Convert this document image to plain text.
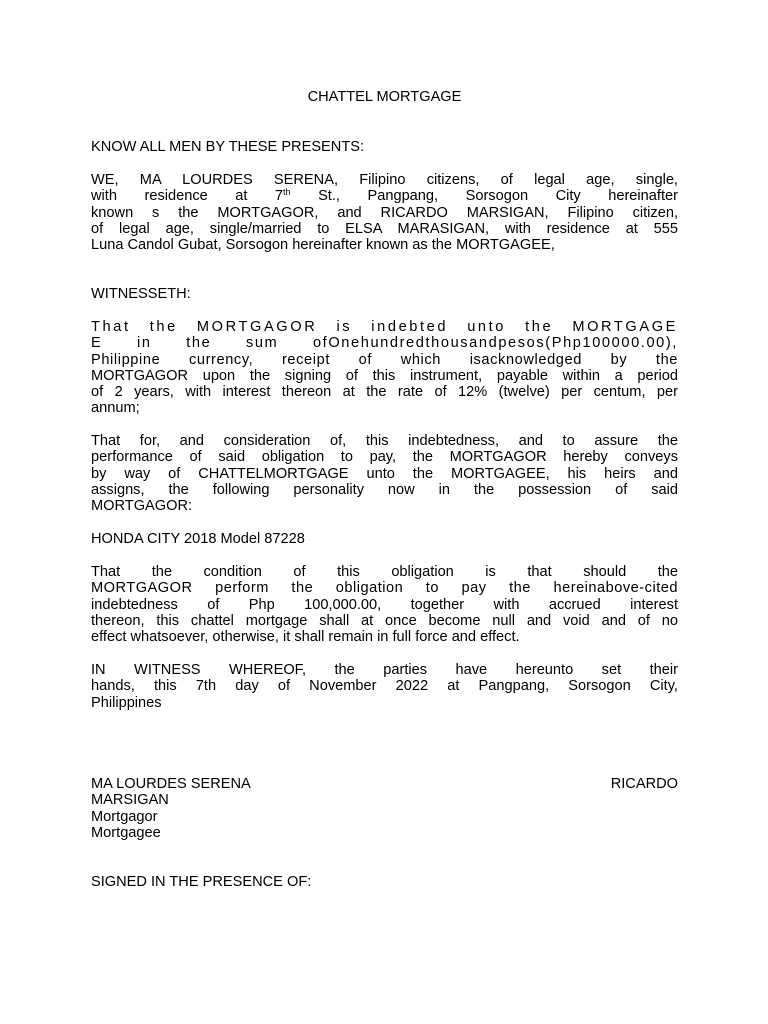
CHATTEL MORTGAGE
KNOW ALL MEN BY THESE PRESENTS:
WE, MA LOURDES SERENA, Filipino citizens, of legal age, single,
with residence at 7th St., Pangpang, Sorsogon City hereinafter
known s the MORTGAGOR, and RICARDO MARSIGAN, Filipino citizen,
of legal age, single/married to ELSA MARASIGAN, with residence at 555
Luna Candol Gubat, Sorsogon hereinafter known as the MORTGAGEE,
WITNESSETH:
That the MORTGAGOR is indebted unto the MORTGAGE
E in the sum ofOnehundredthousandpesos(Php100000.00),
Philippine currency, receipt of which isacknowledged by the
MORTGAGOR upon the signing of this instrument, payable within a period
of 2 years, with interest thereon at the rate of 12% (twelve) per centum, per
annum;
That for, and consideration of, this indebtedness, and to assure the
performance of said obligation to pay, the MORTGAGOR hereby conveys
by way of CHATTELMORTGAGE unto the MORTGAGEE, his heirs and
assigns, the following personality now in the possession of said
MORTGAGOR:
HONDA CITY 2018 Model 87228
That the condition of this obligation is that should the
MORTGAGOR perform the obligation to pay the hereinabove-cited
indebtedness of Php 100,000.00, together with accrued interest
thereon, this chattel mortgage shall at once become null and void and of no
effect whatsoever, otherwise, it shall remain in full force and effect.
IN WITNESS WHEREOF, the parties have hereunto set their
hands, this 7th day of November 2022 at Pangpang, Sorsogon City,
Philippines
MA LOURDES SERENA	RICARDO
MARSIGAN
Mortgagor
Mortgagee
SIGNED IN THE PRESENCE OF:
